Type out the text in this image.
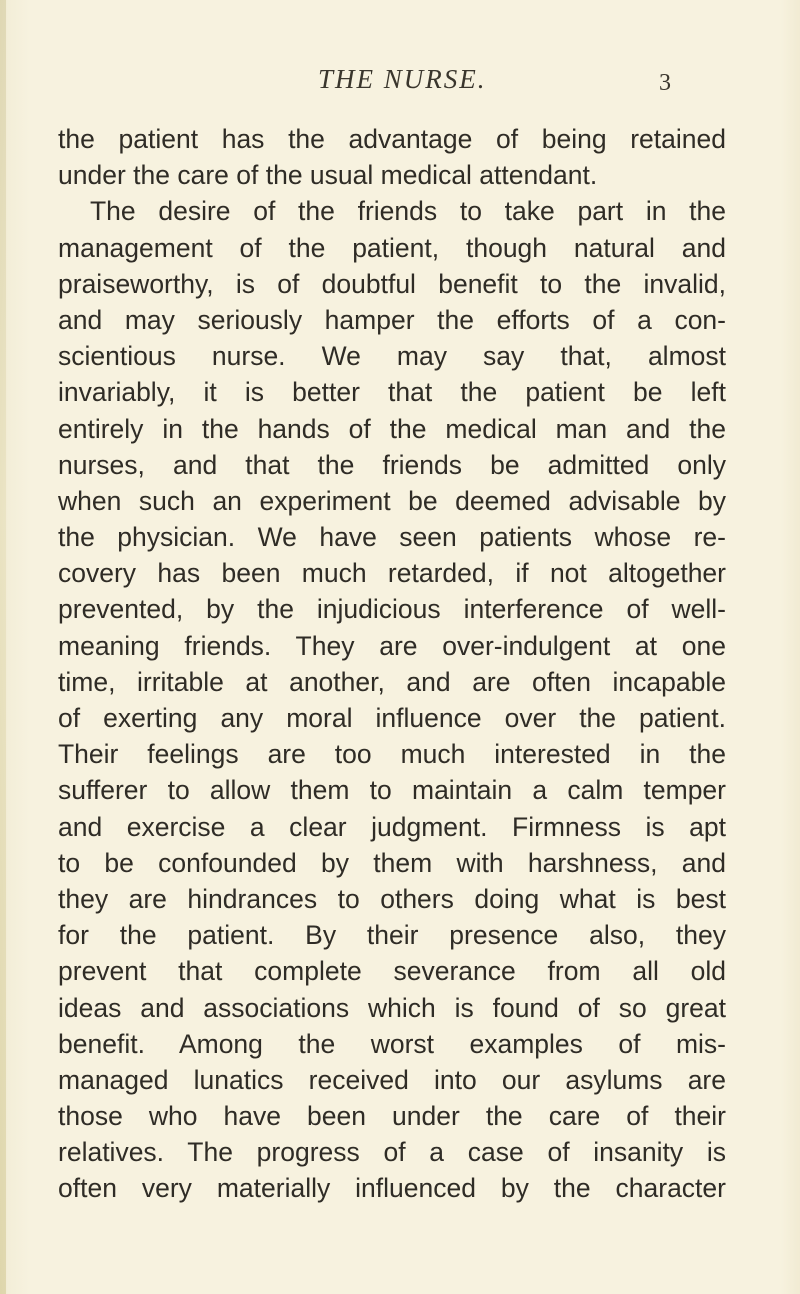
THE NURSE.	3
the patient has the advantage of being retained
under the care of the usual medical attendant.
The desire of the friends to take part in the
management of the patient, though natural and
praiseworthy, is of doubtful benefit to the invalid,
and may seriously hamper the efforts of a con-
scientious nurse. We may say that, almost
invariably, it is better that the patient be left
entirely in the hands of the medical man and the
nurses, and that the friends be admitted only
when such an experiment be deemed advisable by
the physician. We have seen patients whose re-
covery has been much retarded, if not altogether
prevented, by the injudicious interference of well-
meaning friends. They are over-indulgent at one
time, irritable at another, and are often incapable
of exerting any moral influence over the patient.
Their feelings are too much interested in the
sufferer to allow them to maintain a calm temper
and exercise a clear judgment. Firmness is apt
to be confounded by them with harshness, and
they are hindrances to others doing what is best
for the patient. By their presence also, they
prevent that complete severance from all old
ideas and associations which is found of so great
benefit. Among the worst examples of mis-
managed lunatics received into our asylums are
those who have been under the care of their
relatives. The progress of a case of insanity is
often very materially influenced by the character
